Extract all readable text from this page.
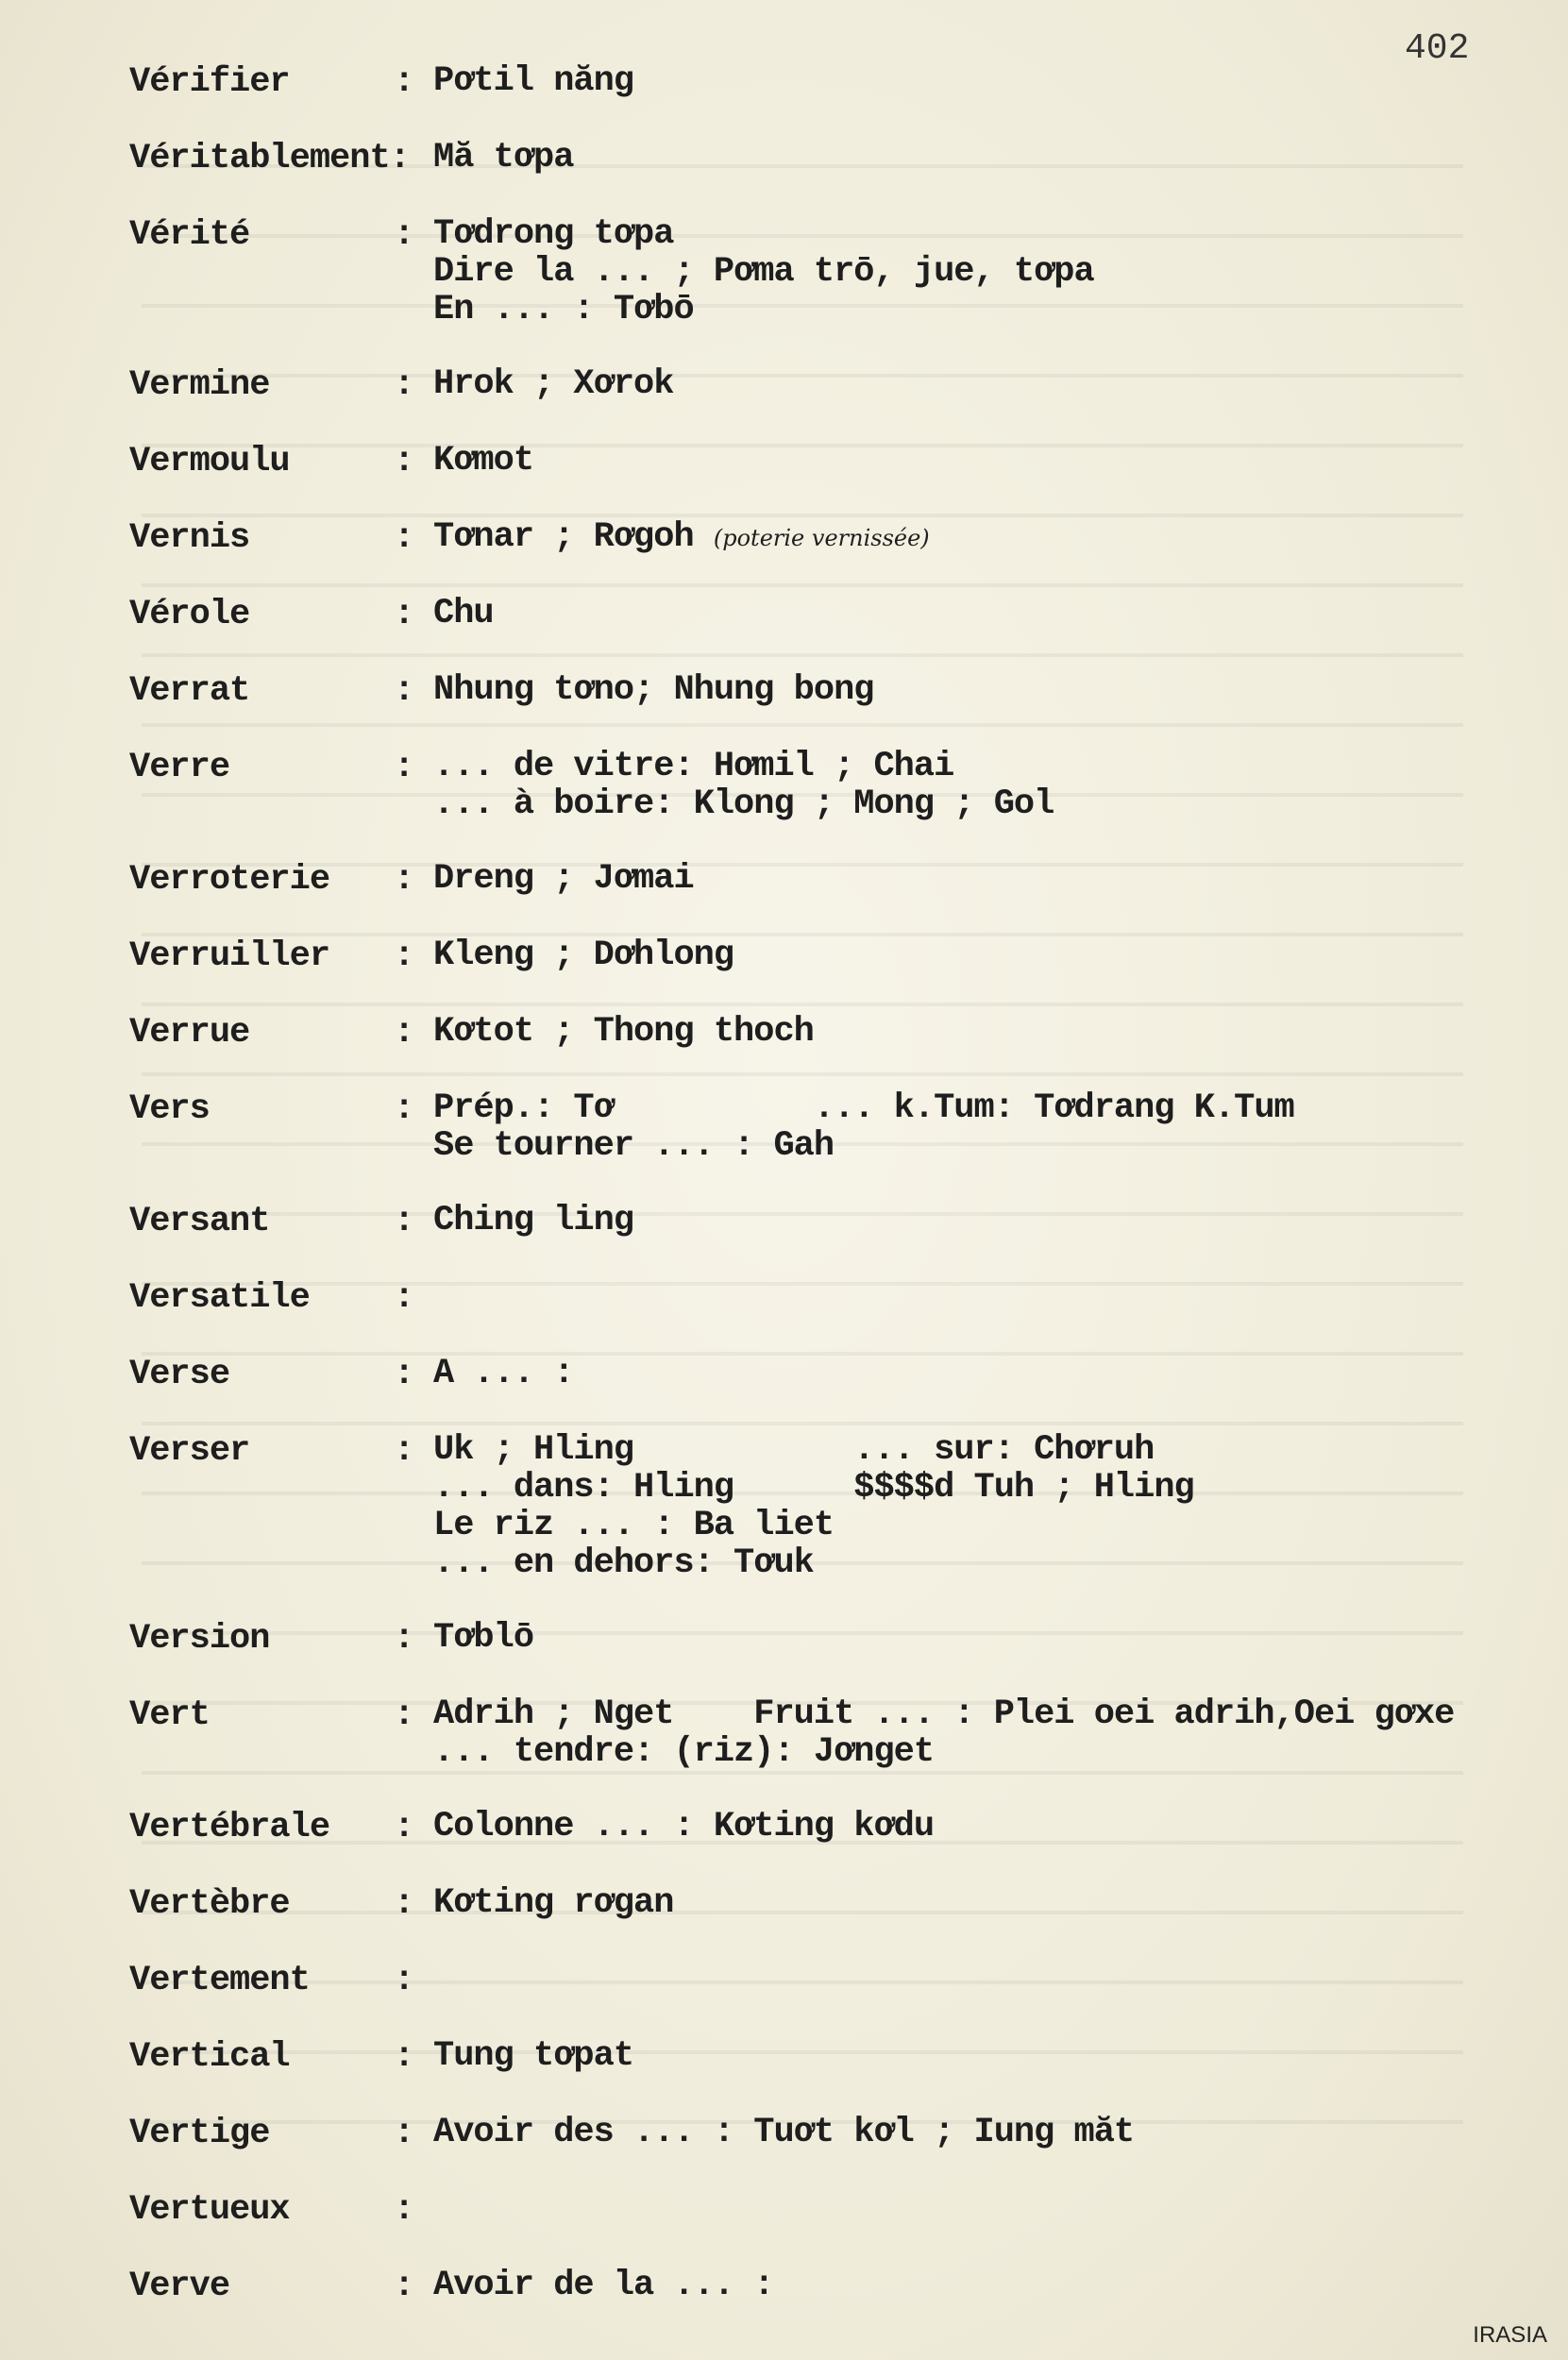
402
Vérifier	: Pơtil năng
Véritablement: Mă tơpa
Vérité	: Tơdrong tơpa
Dire la ... ; Pơma trō, jue, tơpa
En ... : Tơbō
Vermine	: Hrok ; Xơrok
Vermoulu	: Kơmot
Vernis	: Tơnar ; Rơgoh (poterie vernissée)
Vérole	: Chu
Verrat	: Nhung tơno; Nhung bong
Verre	: ... de vitre: Hơmil ; Chai
... à boire: Klong ; Mong ; Gol
Verroterie	: Dreng ; Jơmai
Verruiller	: Kleng ; Dơhlong
Verrue	: Kơtot ; Thong thoch
Vers	: Prép.: Tơ          ... k.Tum: Tơdrang K.Tum
Se tourner ... : Gah
Versant	: Ching ling
Versatile	:
Verse	: A ... :
Verser	: Uk ; Hling           ... sur: Chơruh
... dans: Hling      $$$$d Tuh ; Hling
Le riz ... : Ba liet
... en dehors: Tơuk
Version	: Tơblō
Vert	: Adrih ; Nget    Fruit ... : Plei oei adrih,Oei gơxe
... tendre: (riz): Jơnget
Vertébrale	: Colonne ... : Kơting kơdu
Vertèbre	: Kơting rơgan
Vertement	:
Vertical	: Tung tơpat
Vertige	: Avoir des ... : Tuơt kơl ; Iung măt
Vertueux	:
Verve	: Avoir de la ... :
IRASIA
